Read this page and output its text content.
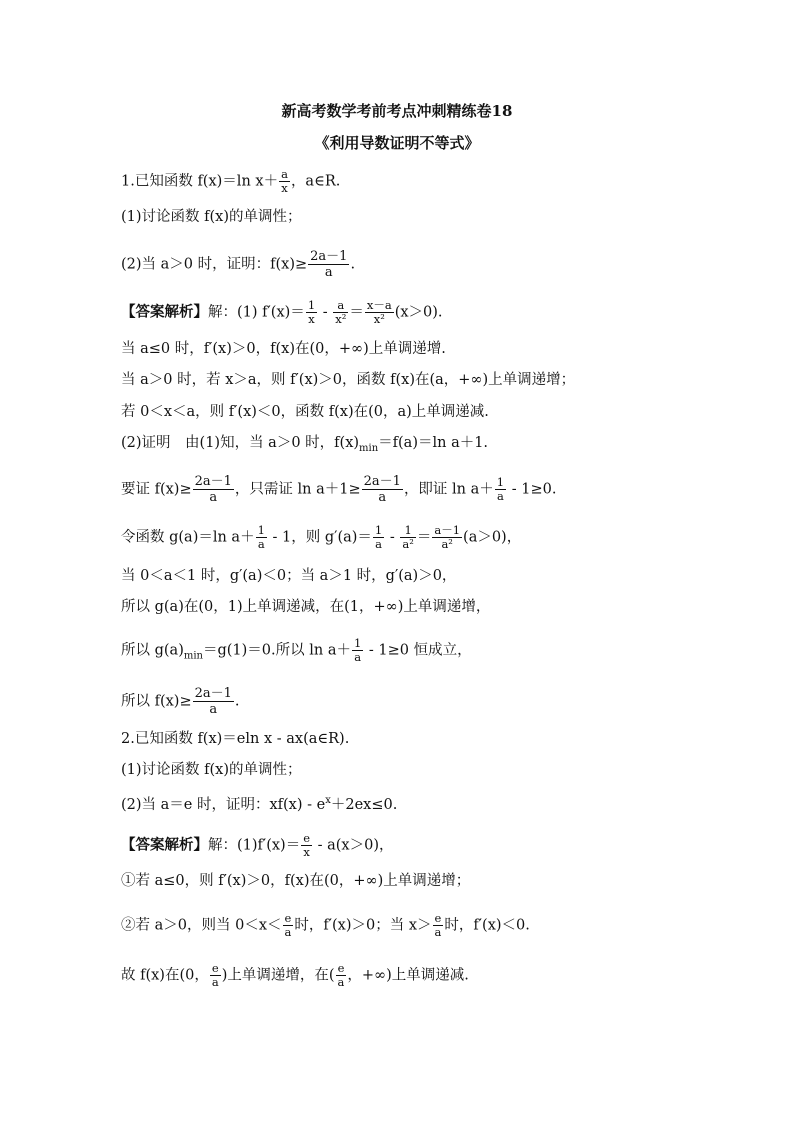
新高考数学考前考点冲刺精练卷18
《利用导数证明不等式》
1.已知函数 f(x)＝ln $x+ \frac{a}{x}$ ，a∈R.
(1)讨论函数 f(x)的单调性；
(2)当 a＞0 时，证明：$f(x)\ge \frac{2a-1}{a}$ .
【答案解析】解：(1) $f'(x)= \frac{1}{x} - \frac{a}{\text{x²}} = \frac{x-a}{\text{x²}} (x>0)$.
当 a≤0 时，f′(x)＞0，f(x)在(0，+∞)上单调递增.
当 a＞0 时，若 x＞a，则 f′(x)＞0，函数 f(x)在(a，+∞)上单调递增；
若 0＜x＜a，则 f′(x)＜0，函数 f(x)在(0，a)上单调递减.
(2)证明　由(1)知，当 a＞0 时，$f(x)_{min}=f(a)=\ln$ a＋1.
要证 $f(x)\ge \frac{2a-1}{a}$ ，只需证 $\ln a+1\ge \frac{2a-1}{a}$ ，即证 $\ln a+ \frac{1}{a} - 1\ge 0$.
令函数 g(a)＝ln $a+ \frac{1}{a} - 1$，则 $g'(a)= \frac{1}{a} - \frac{1}{\text{a²}} = \frac{a-1}{\text{a²}} (a>0)$，
当 0＜a＜1 时，g′(a)＜0；当 a＞1 时，g′(a)＞0，
所以 g(a)在(0，1)上单调递减，在(1，+∞)上单调递增，
所以 $g(a)_{min}=g(1)=0$.所以 $\ln a+ \frac{1}{a} - 1\ge 0$ 恒成立，
所以 $f(x)\ge \frac{2a-1}{a}$ .
2.已知函数 f(x)＝eln x - ax(a∈R).
(1)讨论函数 f(x)的单调性；
(2)当 a＝e 时，证明：$xf(x) - e^x+2ex\le 0$.
【答案解析】解：$(1)f'(x)= \frac{e}{x} - a(x>0)$，
①若 a≤0，则 f′(x)＞0，f(x)在(0，+∞)上单调递增；
②若 a＞0，则当 $0<x< \frac{e}{a}$ 时，f′(x)＞0；当 $x> \frac{e}{a}$ 时，f′(x)＜0.
故 f(x)在(0， $\frac{e}{a}$ )上单调递增，在( $\frac{e}{a}$ ，+∞)上单调递减.
